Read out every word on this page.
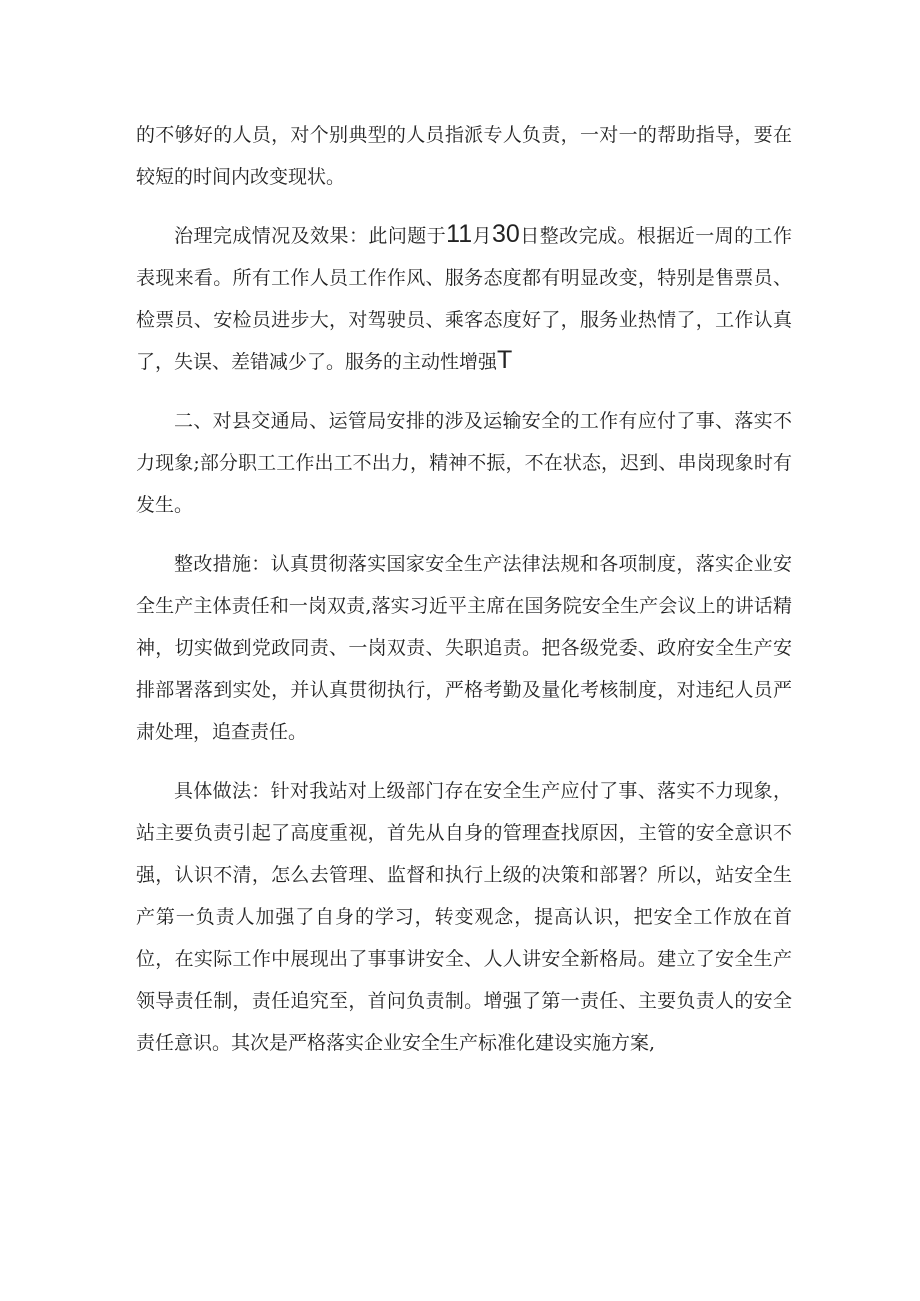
的不够好的人员，对个别典型的人员指派专人负责，一对一的帮助指导，要在较短的时间内改变现状。

治理完成情况及效果：此问题于11月30日整改完成。根据近一周的工作表现来看。所有工作人员工作作风、服务态度都有明显改变，特别是售票员、检票员、安检员进步大，对驾驶员、乘客态度好了，服务业热情了，工作认真了，失误、差错减少了。服务的主动性增强T

二、对县交通局、运管局安排的涉及运输安全的工作有应付了事、落实不力现象;部分职工工作出工不出力，精神不振，不在状态，迟到、串岗现象时有发生。

整改措施：认真贯彻落实国家安全生产法律法规和各项制度，落实企业安全生产主体责任和一岗双责,落实习近平主席在国务院安全生产会议上的讲话精神，切实做到党政同责、一岗双责、失职追责。把各级党委、政府安全生产安排部署落到实处，并认真贯彻执行，严格考勤及量化考核制度，对违纪人员严肃处理，追查责任。

具体做法：针对我站对上级部门存在安全生产应付了事、落实不力现象，站主要负责引起了高度重视，首先从自身的管理查找原因，主管的安全意识不强，认识不清，怎么去管理、监督和执行上级的决策和部署？所以，站安全生产第一负责人加强了自身的学习，转变观念，提高认识，把安全工作放在首位，在实际工作中展现出了事事讲安全、人人讲安全新格局。建立了安全生产领导责任制，责任追究至，首问负责制。增强了第一责任、主要负责人的安全责任意识。其次是严格落实企业安全生产标准化建设实施方案,
